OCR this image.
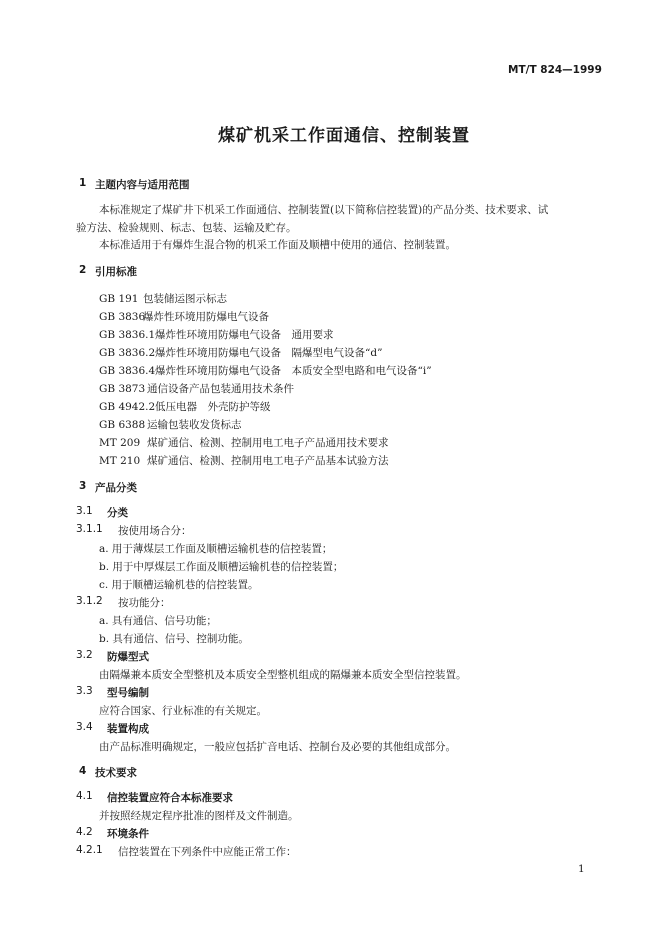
MT/T 824—1999
煤矿机采工作面通信、控制装置
1 主题内容与适用范围
本标准规定了煤矿井下机采工作面通信、控制装置(以下简称信控装置)的产品分类、技术要求、试
验方法、检验规则、标志、包装、运输及贮存。
本标准适用于有爆炸生混合物的机采工作面及顺槽中使用的通信、控制装置。
2 引用标准
GB 191 包装储运图示标志
GB 3836爆炸性环境用防爆电气设备
GB 3836.1爆炸性环境用防爆电气设备　通用要求
GB 3836.2爆炸性环境用防爆电气设备　隔爆型电气设备“d”
GB 3836.4爆炸性环境用防爆电气设备　本质安全型电路和电气设备“i”
GB 3873 通信设备产品包装通用技术条件
GB 4942.2低压电器　外壳防护等级
GB 6388 运输包装收发货标志
MT 209 煤矿通信、检测、控制用电工电子产品通用技术要求
MT 210 煤矿通信、检测、控制用电工电子产品基本试验方法
3 产品分类
3.1 分类
3.1.1 按使用场合分：
a. 用于薄煤层工作面及顺槽运输机巷的信控装置；
b. 用于中厚煤层工作面及顺槽运输机巷的信控装置；
c. 用于顺槽运输机巷的信控装置。
3.1.2 按功能分：
a. 具有通信、信号功能；
b. 具有通信、信号、控制功能。
3.2 防爆型式
由隔爆兼本质安全型整机及本质安全型整机组成的隔爆兼本质安全型信控装置。
3.3 型号编制
应符合国家、行业标准的有关规定。
3.4 装置构成
由产品标准明确规定，一般应包括扩音电话、控制台及必要的其他组成部分。
4 技术要求
4.1 信控装置应符合本标准要求
并按照经规定程序批准的图样及文件制造。
4.2 环境条件
4.2.1 信控装置在下列条件中应能正常工作：
1
